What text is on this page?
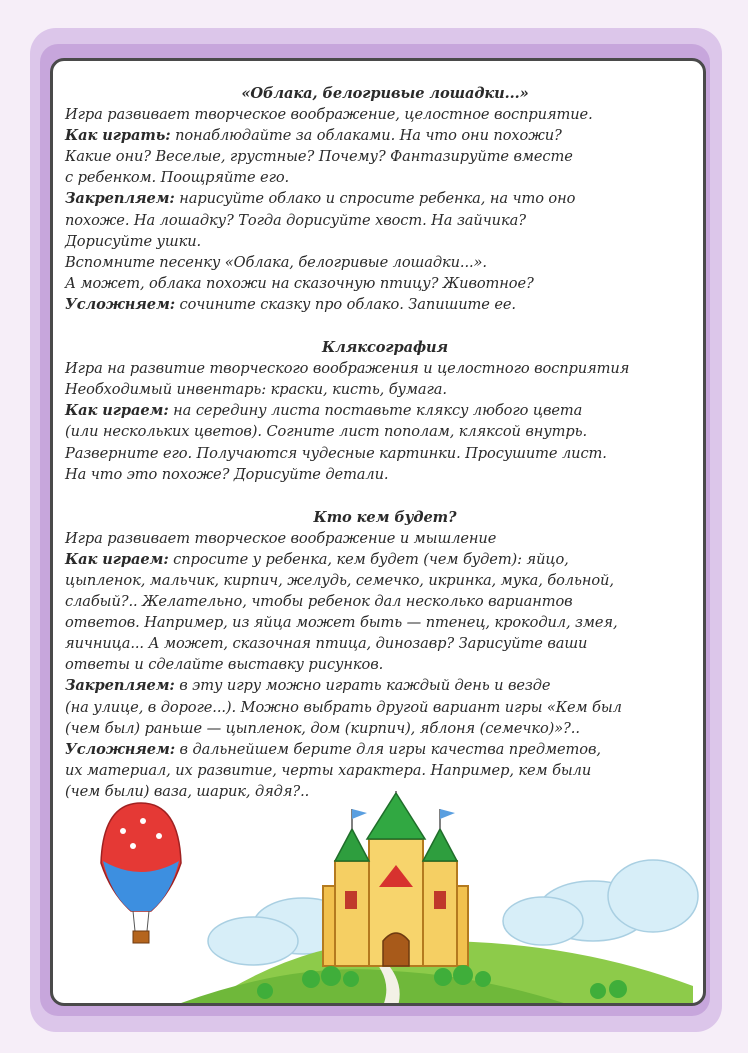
«Облака, белогривые лошадки...»

Игра развивает творческое воображение, целостное восприятие.

Как играть: понаблюдайте за облаками. На что они похожи?

Какие они? Веселые, грустные? Почему? Фантазируйте вместе

с ребенком. Поощряйте его.

Закрепляем: нарисуйте облако и спросите ребенка, на что оно

похоже. На лошадку? Тогда дорисуйте хвост. На зайчика?

Дорисуйте ушки.

Вспомните песенку «Облака, белогривые лошадки...».

А может, облака похожи на сказочную птицу? Животное?

Усложняем: сочините сказку про облако. Запишите ее.

Кляксография

Игра на развитие творческого воображения и целостного восприятия

Необходимый инвентарь: краски, кисть, бумага.

Как играем: на середину листа поставьте кляксу любого цвета

(или нескольких цветов). Согните лист пополам, кляксой внутрь.

Разверните его. Получаются чудесные картинки. Просушите лист.

На что это похоже? Дорисуйте детали.

Кто кем будет?

Игра развивает творческое воображение и мышление

Как играем: спросите у ребенка, кем будет (чем будет): яйцо,

цыпленок, мальчик, кирпич, желудь, семечко, икринка, мука, больной,

слабый?.. Желательно, чтобы ребенок дал несколько вариантов

ответов. Например, из яйца может быть — птенец, крокодил, змея,

яичница... А может, сказочная птица, динозавр? Зарисуйте ваши

ответы и сделайте выставку рисунков.

Закрепляем: в эту игру можно играть каждый день и везде

(на улице, в дороге...). Можно выбрать другой вариант игры «Кем был

(чем был) раньше — цыпленок, дом (кирпич), яблоня (семечко)»?..

Усложняем: в дальнейшем берите для игры качества предметов,

их материал, их развитие, черты характера. Например, кем были

(чем были) ваза, шарик, дядя?..
